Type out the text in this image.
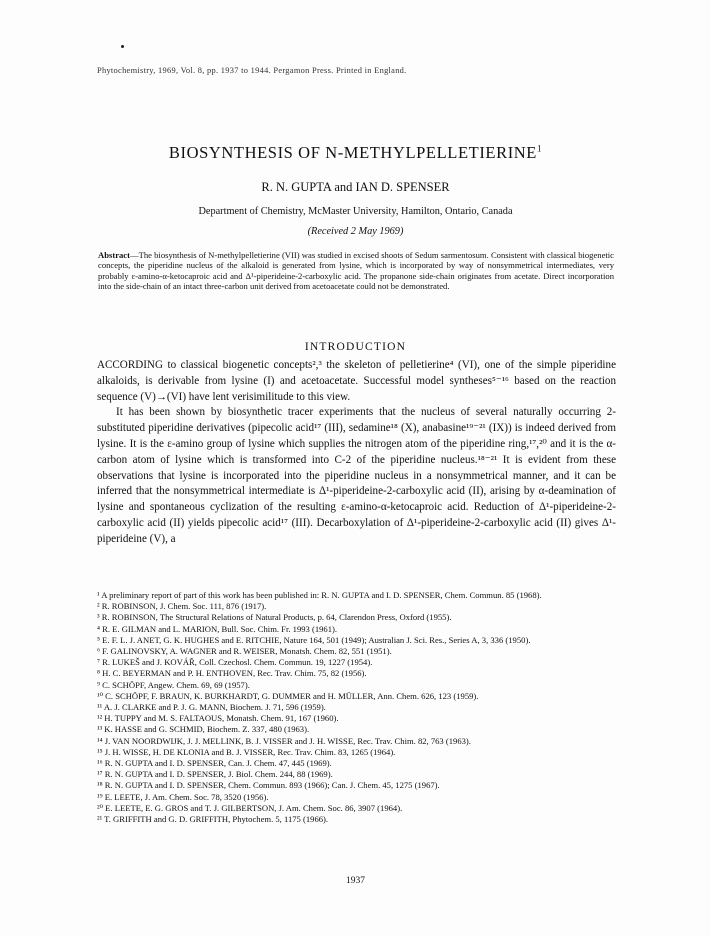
Phytochemistry, 1969, Vol. 8, pp. 1937 to 1944. Pergamon Press. Printed in England.
BIOSYNTHESIS OF N-METHYLPELLETIERINE$^1$
R. N. GUPTA and IAN D. SPENSER
Department of Chemistry, McMaster University, Hamilton, Ontario, Canada
(Received 2 May 1969)
Abstract—The biosynthesis of N-methylpelletierine (VII) was studied in excised shoots of Sedum sarmentosum. Consistent with classical biogenetic concepts, the piperidine nucleus of the alkaloid is generated from lysine, which is incorporated by way of nonsymmetrical intermediates, very probably ε-amino-α-ketocaproic acid and Δ¹-piperideine-2-carboxylic acid. The propanone side-chain originates from acetate. Direct incorporation into the side-chain of an intact three-carbon unit derived from acetoacetate could not be demonstrated.
INTRODUCTION

ACCORDING to classical biogenetic concepts²,³ the skeleton of pelletierine⁴ (VI), one of the simple piperidine alkaloids, is derivable from lysine (I) and acetoacetate. Successful model syntheses⁵⁻¹⁶ based on the reaction sequence (V)→(VI) have lent verisimilitude to this view.

It has been shown by biosynthetic tracer experiments that the nucleus of several naturally occurring 2-substituted piperidine derivatives (pipecolic acid¹⁷ (III), sedamine¹⁸ (X), anabasine¹⁹⁻²¹ (IX)) is indeed derived from lysine. It is the ε-amino group of lysine which supplies the nitrogen atom of the piperidine ring,¹⁷,²⁰ and it is the α-carbon atom of lysine which is transformed into C-2 of the piperidine nucleus.¹⁸⁻²¹ It is evident from these observations that lysine is incorporated into the piperidine nucleus in a nonsymmetrical manner, and it can be inferred that the nonsymmetrical intermediate is Δ¹-piperideine-2-carboxylic acid (II), arising by α-deamination of lysine and spontaneous cyclization of the resulting ε-amino-α-ketocaproic acid. Reduction of Δ¹-piperideine-2-carboxylic acid (II) yields pipecolic acid¹⁷ (III). Decarboxylation of Δ¹-piperideine-2-carboxylic acid (II) gives Δ¹-piperideine (V), a

¹ A preliminary report of part of this work has been published in: R. N. GUPTA and I. D. SPENSER, Chem. Commun. 85 (1968).
² R. ROBINSON, J. Chem. Soc. 111, 876 (1917).
³ R. ROBINSON, The Structural Relations of Natural Products, p. 64, Clarendon Press, Oxford (1955).
⁴ R. E. GILMAN and L. MARION, Bull. Soc. Chim. Fr. 1993 (1961).
⁵ E. F. L. J. ANET, G. K. HUGHES and E. RITCHIE, Nature 164, 501 (1949); Australian J. Sci. Res., Series A, 3, 336 (1950).
⁶ F. GALINOVSKY, A. WAGNER and R. WEISER, Monatsh. Chem. 82, 551 (1951).
⁷ R. LUKEŠ and J. KOVÁŘ, Coll. Czechosl. Chem. Commun. 19, 1227 (1954).
⁸ H. C. BEYERMAN and P. H. ENTHOVEN, Rec. Trav. Chim. 75, 82 (1956).
⁹ C. SCHÖPF, Angew. Chem. 69, 69 (1957).
¹⁰ C. SCHÖPF, F. BRAUN, K. BURKHARDT, G. DUMMER and H. MÜLLER, Ann. Chem. 626, 123 (1959).
¹¹ A. J. CLARKE and P. J. G. MANN, Biochem. J. 71, 596 (1959).
¹² H. TUPPY and M. S. FALTAOUS, Monatsh. Chem. 91, 167 (1960).
¹³ K. HASSE and G. SCHMID, Biochem. Z. 337, 480 (1963).
¹⁴ J. VAN NOORDWIJK, J. J. MELLINK, B. J. VISSER and J. H. WISSE, Rec. Trav. Chim. 82, 763 (1963).
¹⁵ J. H. WISSE, H. DE KLONIA and B. J. VISSER, Rec. Trav. Chim. 83, 1265 (1964).
¹⁶ R. N. GUPTA and I. D. SPENSER, Can. J. Chem. 47, 445 (1969).
¹⁷ R. N. GUPTA and I. D. SPENSER, J. Biol. Chem. 244, 88 (1969).
¹⁸ R. N. GUPTA and I. D. SPENSER, Chem. Commun. 893 (1966); Can. J. Chem. 45, 1275 (1967).
¹⁹ E. LEETE, J. Am. Chem. Soc. 78, 3520 (1956).
²⁰ E. LEETE, E. G. GROS and T. J. GILBERTSON, J. Am. Chem. Soc. 86, 3907 (1964).
²¹ T. GRIFFITH and G. D. GRIFFITH, Phytochem. 5, 1175 (1966).
1937
